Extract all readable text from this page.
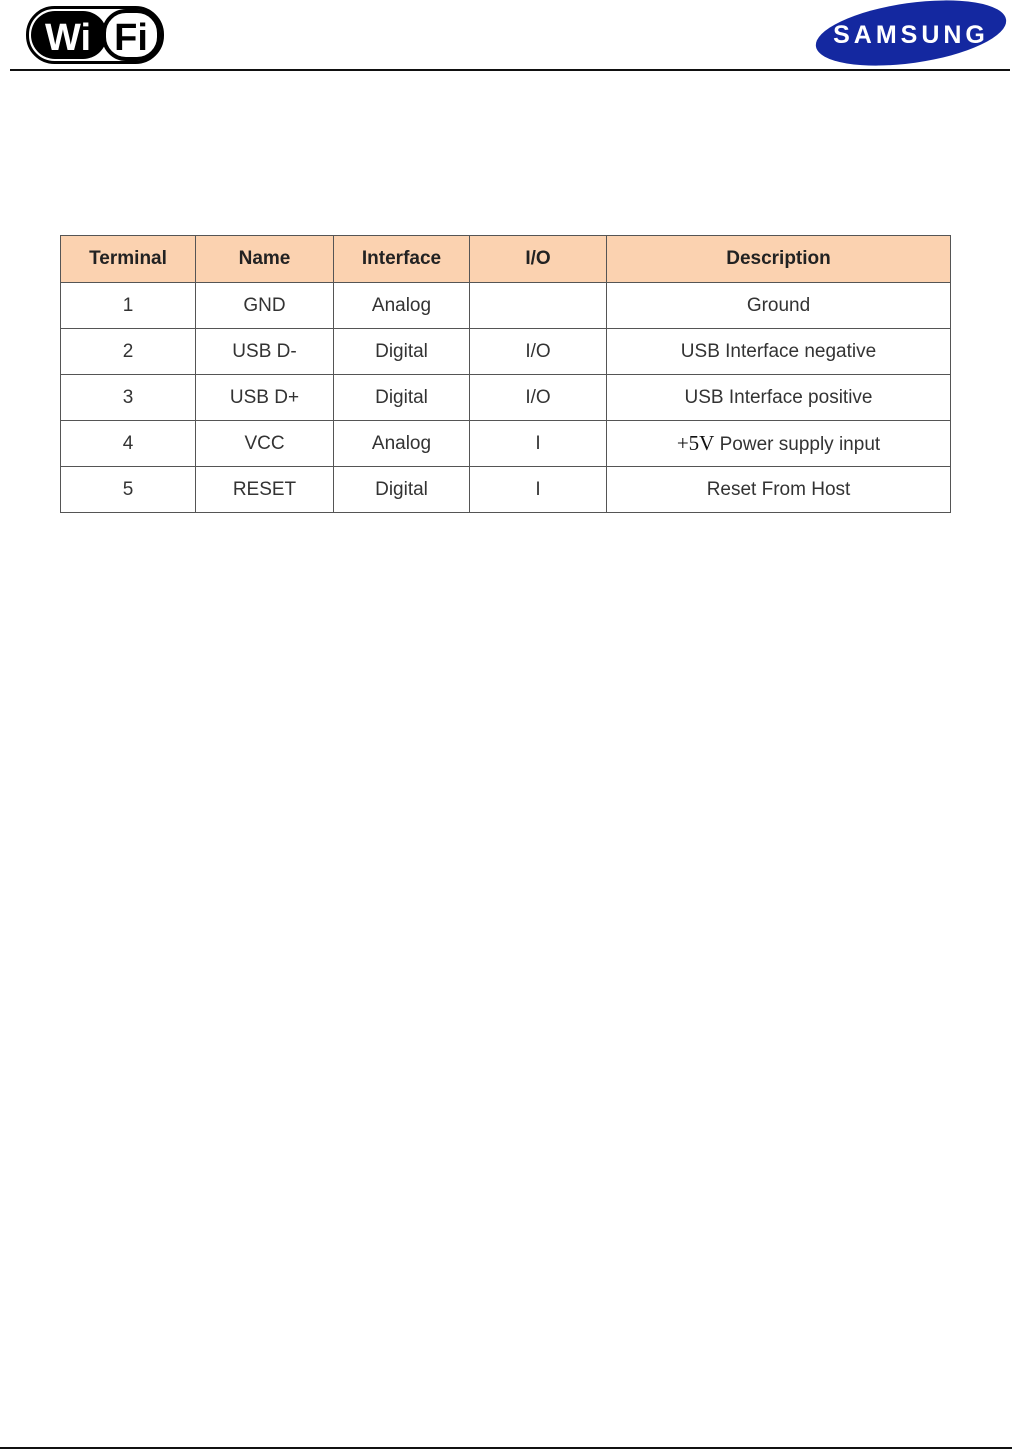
Wi Fi	SAMSUNG
Terminal	Name	Interface	I/O	Description
1	GND	Analog		Ground
2	USB D-	Digital	I/O	USB Interface negative
3	USB D+	Digital	I/O	USB Interface positive
4	VCC	Analog	I	+5V Power supply input
5	RESET	Digital	I	Reset From Host
